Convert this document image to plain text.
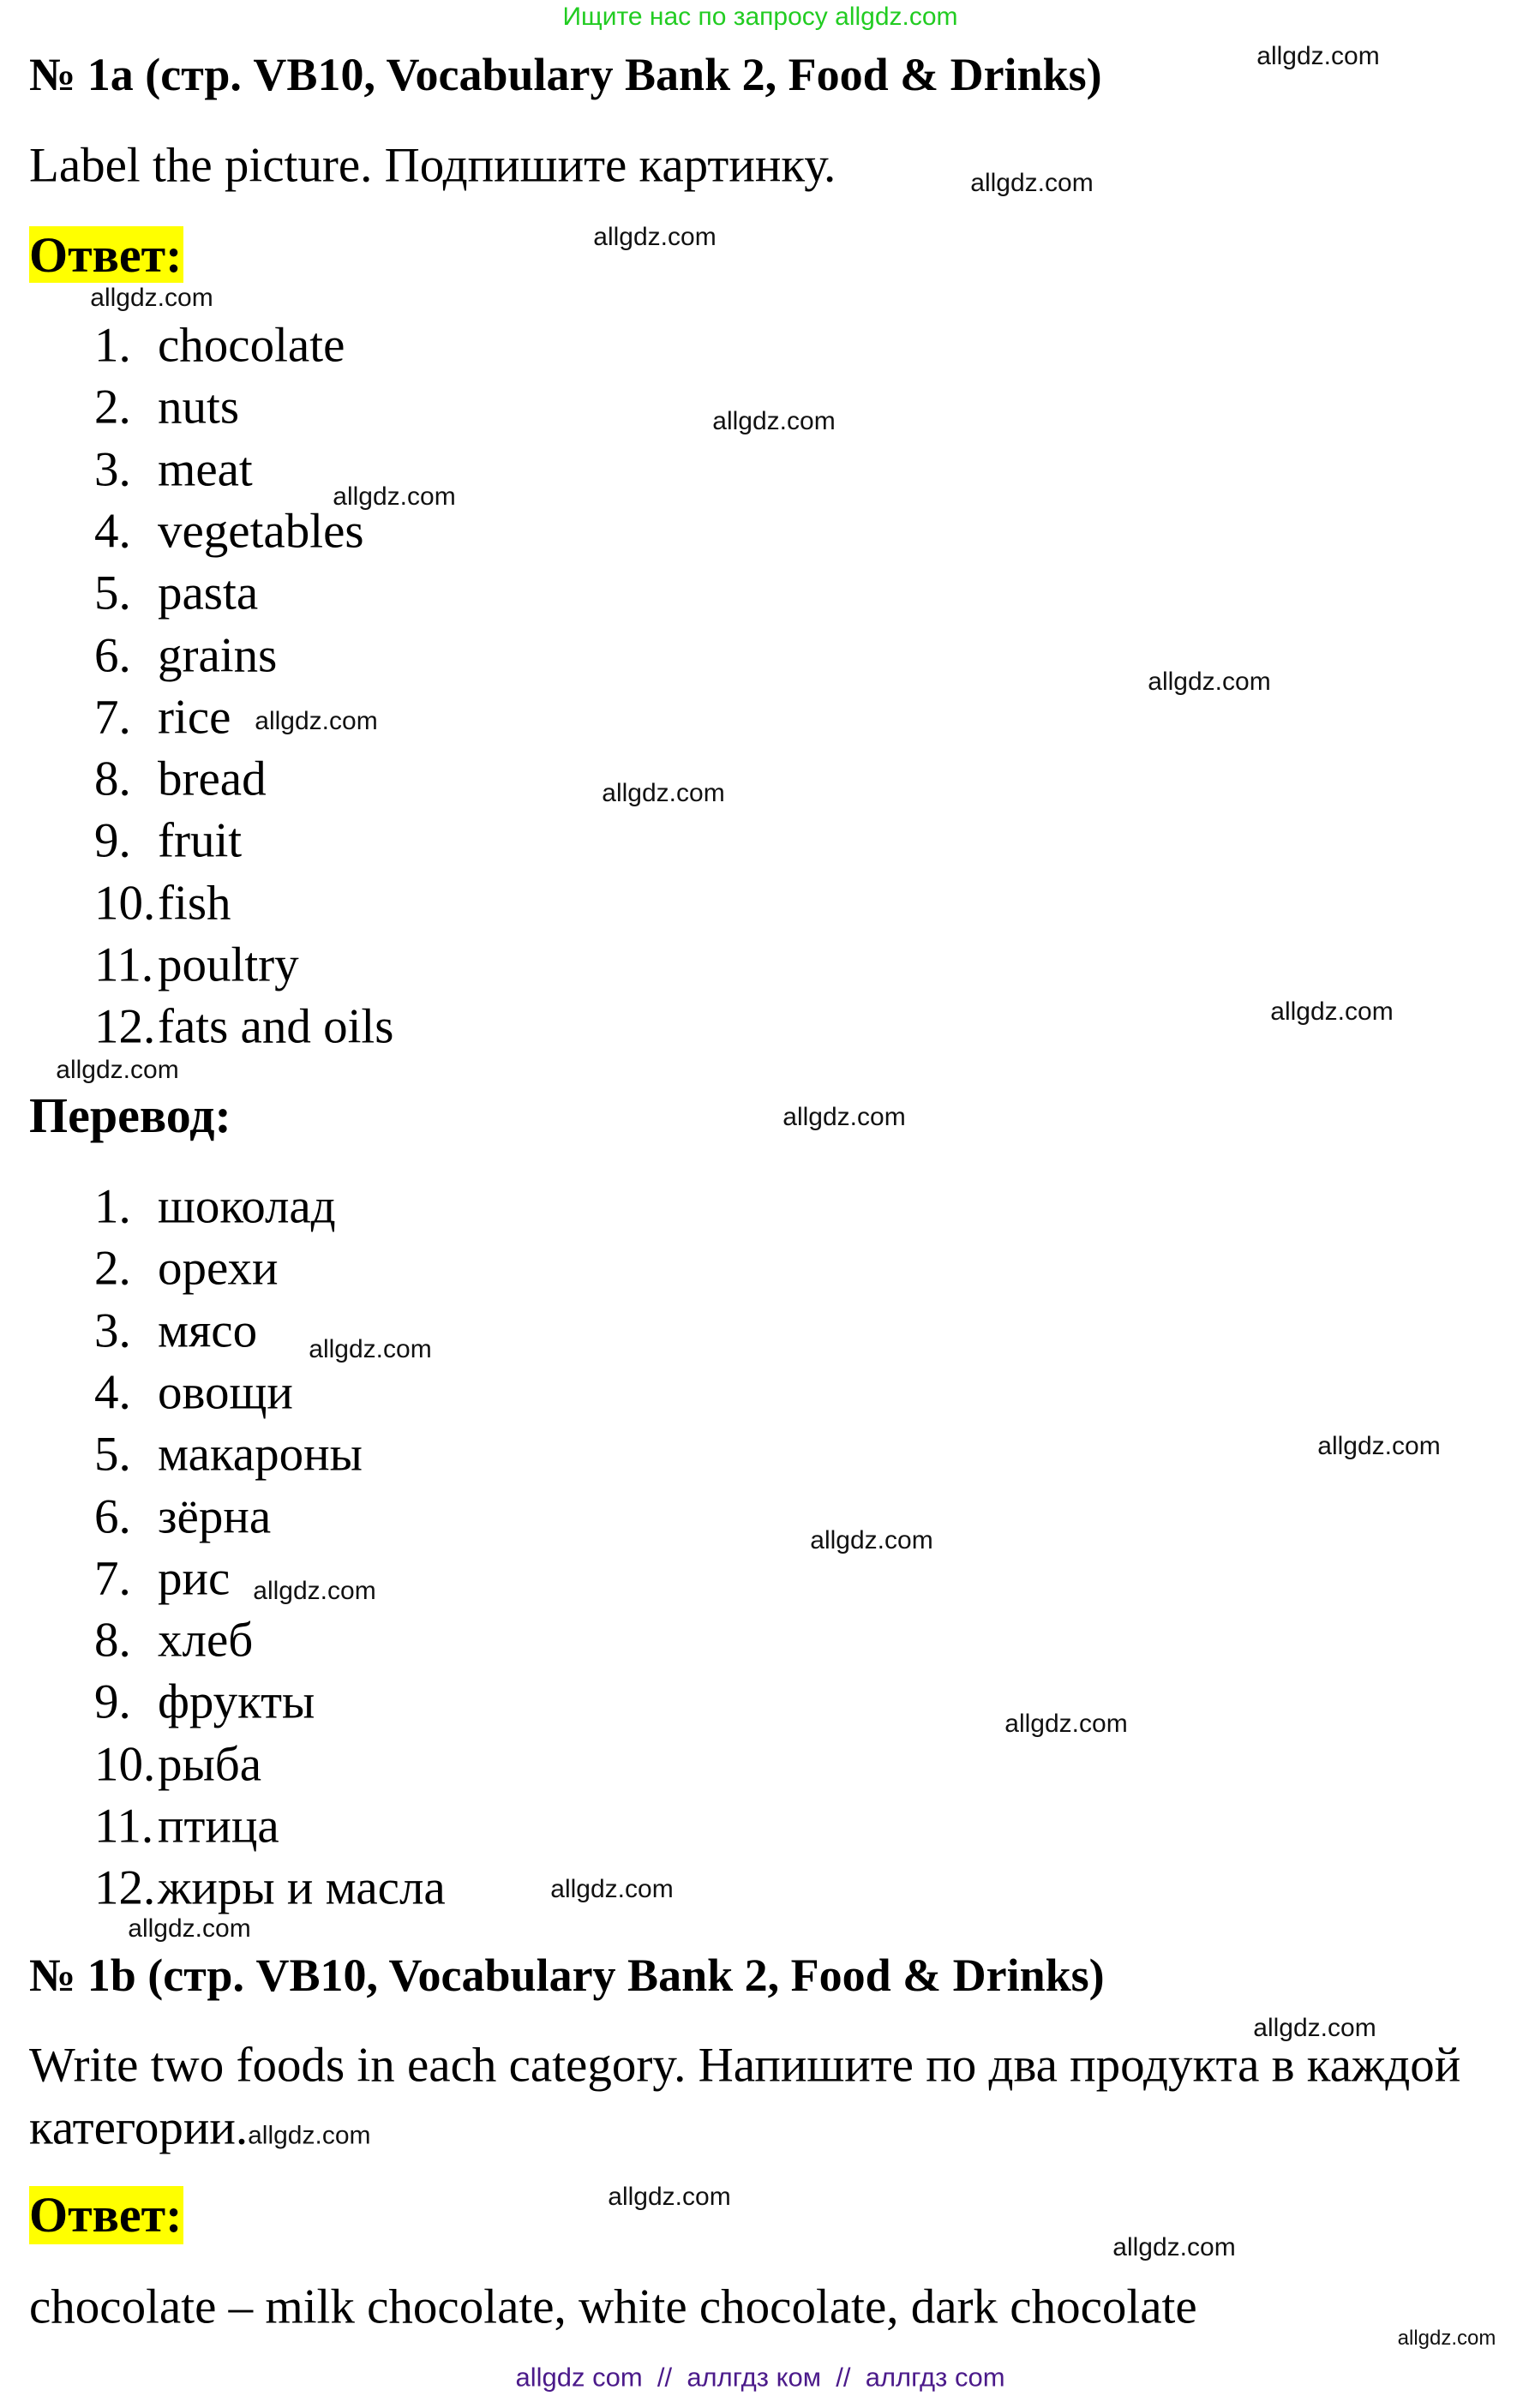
Ищите нас по запросу allgdz.com
№ 1a (стр. VB10, Vocabulary Bank 2, Food & Drinks)
Label the picture. Подпишите картинку.
Ответ:
1. chocolate
2. nuts
3. meat
4. vegetables
5. pasta
6. grains
7. rice
8. bread
9. fruit
10.fish
11.poultry
12.fats and oils
Перевод:
1. шоколад
2. орехи
3. мясо
4. овощи
5. макароны
6. зёрна
7. рис
8. хлеб
9. фрукты
10.рыба
11.птица
12.жиры и масла
№ 1b (стр. VB10, Vocabulary Bank 2, Food & Drinks)
Write two foods in each category. Напишите по два продукта в каждой
категории.allgdz.com
Ответ:
chocolate – milk chocolate, white chocolate, dark chocolate
allgdz com  //  аллгдз ком  //  аллгдз com
allgdz.com
allgdz.com
allgdz.com
allgdz.com
allgdz.com
allgdz.com
allgdz.com
allgdz.com
allgdz.com
allgdz.com
allgdz.com
allgdz.com
allgdz.com
allgdz.com
allgdz.com
allgdz.com
allgdz.com
allgdz.com
allgdz.com
allgdz.com
allgdz.com
allgdz.com
allgdz.com
